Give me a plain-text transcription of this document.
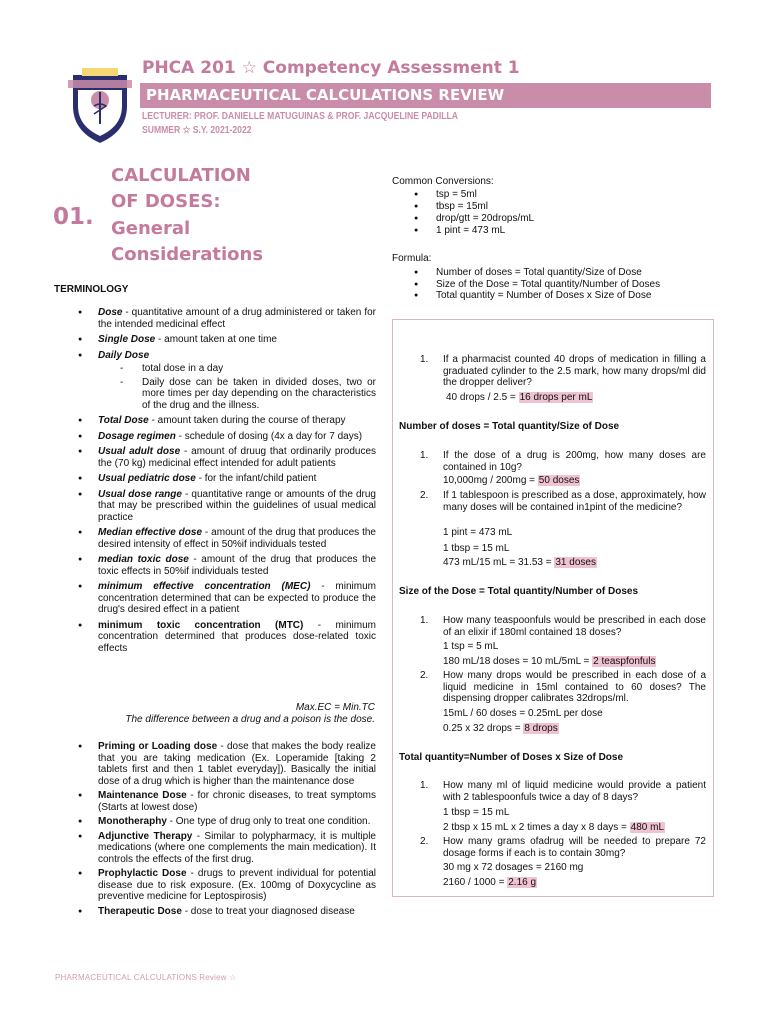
PHCA 201 ☆ Competency Assessment 1
PHARMACEUTICAL CALCULATIONS REVIEW
LECTURER: PROF. DANIELLE MATUGUINAS & PROF. JACQUELINE PADILLA
SUMMER ☆ S.Y. 2021-2022
01.
CALCULATION
OF DOSES:
General
Considerations
TERMINOLOGY
● Dose - quantitative amount of a drug administered or taken for the intended medicinal effect
● Single Dose - amount taken at one time
● Daily Dose
- total dose in a day
- Daily dose can be taken in divided doses, two or more times per day depending on the characteristics of the drug and the illness.
● Total Dose - amount taken during the course of therapy
● Dosage regimen - schedule of dosing (4x a day for 7 days)
● Usual adult dose - amount of druug that ordinarily produces the (70 kg) medicinal effect intended for adult patients
● Usual pediatric dose - for the infant/child patient
● Usual dose range - quantitative range or amounts of the drug that may be prescribed within the guidelines of usual medical practice
● Median effective dose - amount of the drug that produces the desired intensity of effect in 50%if individuals tested
● median toxic dose - amount of the drug that produces the toxic effects in 50%if individuals tested
● minimum effective concentration (MEC) - minimum concentration determined that can be expected to produce the drug's desired effect in a patient
● minimum toxic concentration (MTC) - minimum concentration determined that produces dose-related toxic effects
Max.EC = Min.TC
The difference between a drug and a poison is the dose.
● Priming or Loading dose - dose that makes the body realize that you are taking medication (Ex. Loperamide [taking 2 tablets first and then 1 tablet everyday]). Basically the initial dose of a drug which is higher than the maintenance dose
● Maintenance Dose - for chronic diseases, to treat symptoms (Starts at lowest dose)
● Monotheraphy - One type of drug only to treat one condition.
● Adjunctive Therapy - Similar to polypharmacy, it is multiple medications (where one complements the main medication). It controls the effects of the first drug.
● Prophylactic Dose - drugs to prevent individual for potential disease due to risk exposure. (Ex. 100mg of Doxycycline as preventive medicine for Leptospirosis)
● Therapeutic Dose - dose to treat your diagnosed disease
Common Conversions:
● tsp = 5ml
● tbsp = 15ml
● drop/gtt = 20drops/mL
● 1 pint = 473 mL
Formula:
● Number of doses = Total quantity/Size of Dose
● Size of the Dose = Total quantity/Number of Doses
● Total quantity = Number of Doses x Size of Dose
1.	If a pharmacist counted 40 drops of medication in filling a graduated cylinder to the 2.5 mark, how many drops/ml did the dropper deliver?
40 drops / 2.5 = 16 drops per mL
Number of doses = Total quantity/Size of Dose
1.	If the dose of a drug is 200mg, how many doses are contained in 10g?
10,000mg / 200mg = 50 doses
2.	If 1 tablespoon is prescribed as a dose, approximately, how many doses will be contained in1pint of the medicine?
1 pint = 473 mL
1 tbsp = 15 mL
473 mL/15 mL = 31.53 = 31 doses
Size of the Dose = Total quantity/Number of Doses
1.	How many teaspoonfuls would be prescribed in each dose of an elixir if 180ml contained 18 doses?
1 tsp = 5 mL
180 mL/18 doses = 10 mL/5mL = 2 teaspfonfuls
2.	How many drops would be prescribed in each dose of a liquid medicine in 15ml contained to 60 doses? The dispensing dropper calibrates 32drops/ml.
15mL / 60 doses = 0.25mL per dose
0.25 x 32 drops = 8 drops
Total quantity=Number of Doses x Size of Dose
1.	How many ml of liquid medicine would provide a patient with 2 tablespoonfuls twice a day of 8 days?
1 tbsp = 15 mL
2 tbsp x 15 mL x 2 times a day x 8 days = 480 mL
2.	How many grams ofadrug will be needed to prepare 72 dosage forms if each is to contain 30mg?
30 mg x 72 dosages = 2160 mg
2160 / 1000 = 2.16 g
PHARMACEUTICAL CALCULATIONS Review ☆
